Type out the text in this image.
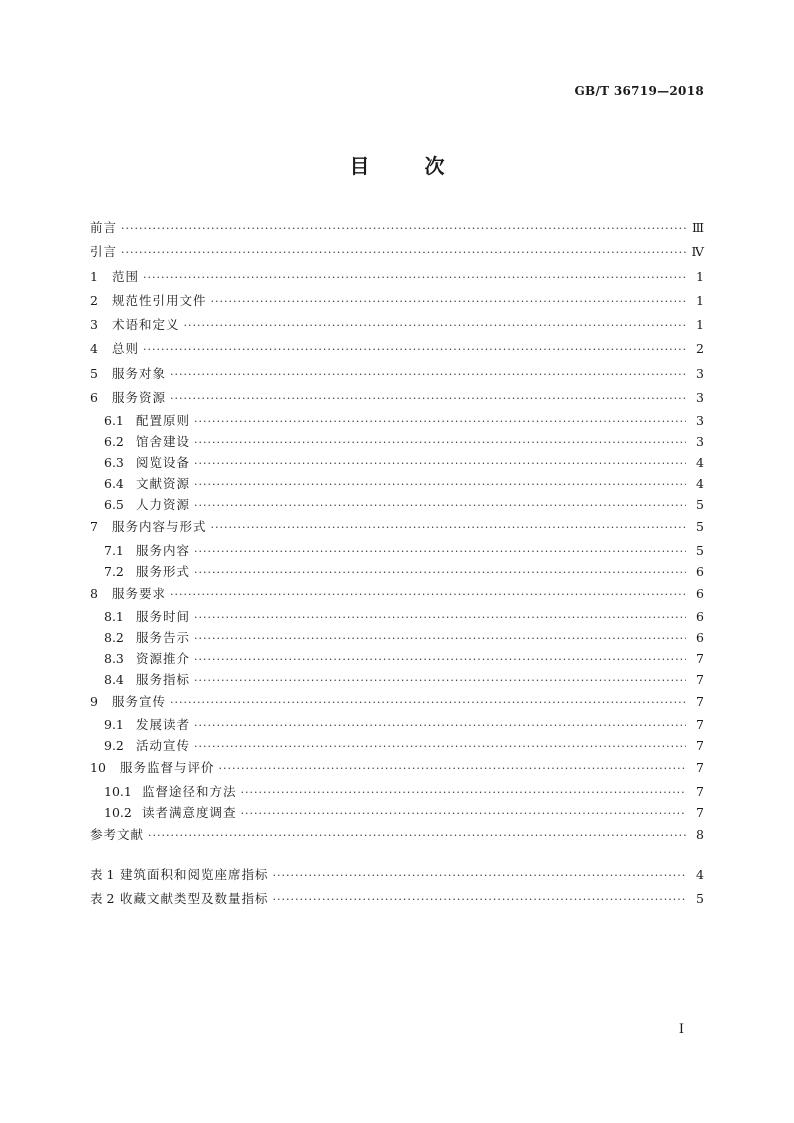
GB/T 36719—2018
目 次
前言 ·····	Ⅲ
引言 ·····	Ⅳ
1	范围 ·····	1
2	规范性引用文件 ·····	1
3	术语和定义 ·····	1
4	总则 ·····	2
5	服务对象 ·····	3
6	服务资源 ·····	3
6.1 配置原则 ·····	3
6.2 馆舍建设 ·····	3
6.3 阅览设备 ·····	4
6.4 文献资源 ·····	4
6.5 人力资源 ·····	5
7	服务内容与形式 ·····	5
7.1 服务内容 ·····	5
7.2 服务形式 ·····	6
8	服务要求 ·····	6
8.1 服务时间 ·····	6
8.2 服务告示 ·····	6
8.3 资源推介 ·····	7
8.4 服务指标 ·····	7
9	服务宣传 ·····	7
9.1 发展读者 ·····	7
9.2 活动宣传 ·····	7
10	服务监督与评价 ·····	7
10.1 监督途径和方法 ·····	7
10.2 读者满意度调查 ·····	7
参考文献 ·····	8
表 1 建筑面积和阅览座席指标 ·····	4
表 2 收藏文献类型及数量指标 ·····	5
I
